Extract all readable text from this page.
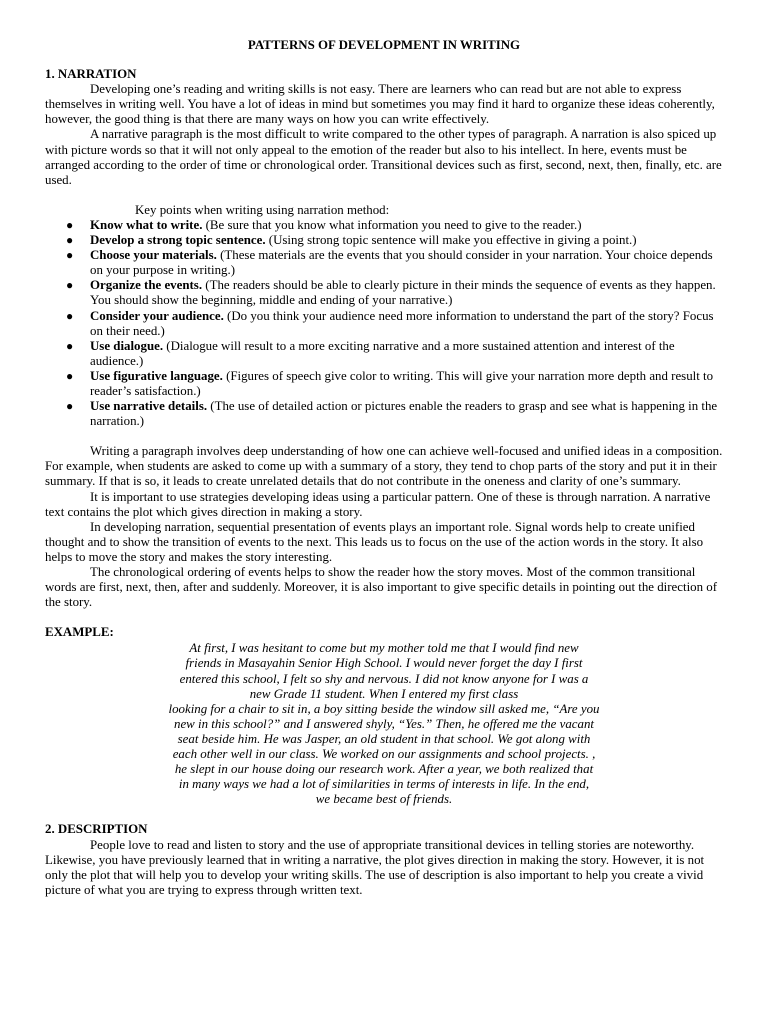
PATTERNS OF DEVELOPMENT IN WRITING
1. NARRATION

Developing one’s reading and writing skills is not easy. There are learners who can read but are not able to express themselves in writing well. You have a lot of ideas in mind but sometimes you may find it hard to organize these ideas coherently, however, the good thing is that there are many ways on how you can write effectively.

A narrative paragraph is the most difficult to write compared to the other types of paragraph. A narration is also spiced up with picture words so that it will not only appeal to the emotion of the reader but also to his intellect. In here, events must be arranged according to the order of time or chronological order. Transitional devices such as first, second, next, then, finally, etc. are used.

Key points when writing using narration method:

● Know what to write. (Be sure that you know what information you need to give to the reader.)
● Develop a strong topic sentence. (Using strong topic sentence will make you effective in giving a point.)
● Choose your materials. (These materials are the events that you should consider in your narration. Your choice depends on your purpose in writing.)
● Organize the events. (The readers should be able to clearly picture in their minds the sequence of events as they happen. You should show the beginning, middle and ending of your narrative.)
● Consider your audience. (Do you think your audience need more information to understand the part of the story? Focus on their need.)
● Use dialogue. (Dialogue will result to a more exciting narrative and a more sustained attention and interest of the audience.)
● Use figurative language. (Figures of speech give color to writing. This will give your narration more depth and result to reader’s satisfaction.)
● Use narrative details. (The use of detailed action or pictures enable the readers to grasp and see what is happening in the narration.)

Writing a paragraph involves deep understanding of how one can achieve well-focused and unified ideas in a composition. For example, when students are asked to come up with a summary of a story, they tend to chop parts of the story and put it in their summary. If that is so, it leads to create unrelated details that do not contribute in the oneness and clarity of one’s summary.

It is important to use strategies developing ideas using a particular pattern. One of these is through narration. A narrative text contains the plot which gives direction in making a story.

In developing narration, sequential presentation of events plays an important role. Signal words help to create unified thought and to show the transition of events to the next. This leads us to focus on the use of the action words in the story. It also helps to move the story and makes the story interesting.

The chronological ordering of events helps to show the reader how the story moves. Most of the common transitional words are first, next, then, after and suddenly. Moreover, it is also important to give specific details in pointing out the direction of the story.

EXAMPLE:
At first, I was hesitant to come but my mother told me that I would find new
friends in Masayahin Senior High School. I would never forget the day I first
entered this school, I felt so shy and nervous. I did not know anyone for I was a
new Grade 11 student. When I entered my first class
looking for a chair to sit in, a boy sitting beside the window sill asked me, “Are you
new in this school?” and I answered shyly, “Yes.” Then, he offered me the vacant
seat beside him. He was Jasper, an old student in that school. We got along with
each other well in our class. We worked on our assignments and school projects. ,
he slept in our house doing our research work. After a year, we both realized that
in many ways we had a lot of similarities in terms of interests in life. In the end,
we became best of friends.
2. DESCRIPTION

People love to read and listen to story and the use of appropriate transitional devices in telling stories are noteworthy. Likewise, you have previously learned that in writing a narrative, the plot gives direction in making the story. However, it is not only the plot that will help you to develop your writing skills. The use of description is also important to help you create a vivid picture of what you are trying to express through written text.
